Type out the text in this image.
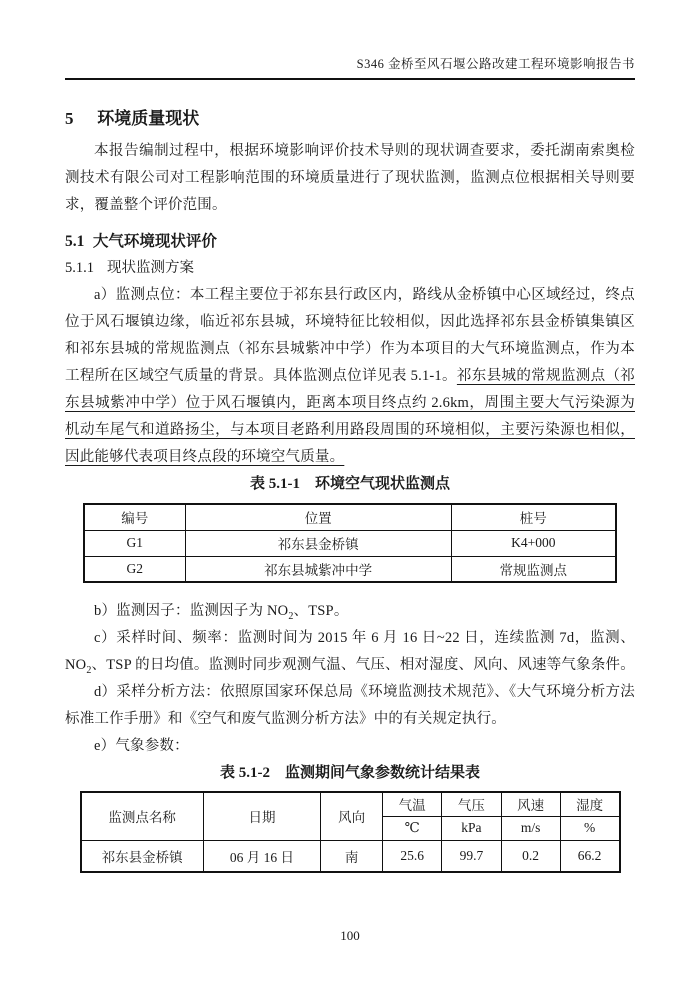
S346 金桥至风石堰公路改建工程环境影响报告书
5 环境质量现状

本报告编制过程中，根据环境影响评价技术导则的现状调查要求，委托湖南索奥检测技术有限公司对工程影响范围的环境质量进行了现状监测，监测点位根据相关导则要求，覆盖整个评价范围。

5.1 大气环境现状评价
5.1.1 现状监测方案

a）监测点位：本工程主要位于祁东县行政区内，路线从金桥镇中心区域经过，终点位于风石堰镇边缘，临近祁东县城，环境特征比较相似，因此选择祁东县金桥镇集镇区和祁东县城的常规监测点（祁东县城紫冲中学）作为本项目的大气环境监测点，作为本工程所在区域空气质量的背景。具体监测点位详见表 5.1-1。祁东县城的常规监测点（祁东县城紫冲中学）位于风石堰镇内，距离本项目终点约 2.6km，周围主要大气污染源为机动车尾气和道路扬尘，与本项目老路利用路段周围的环境相似，主要污染源也相似，因此能够代表项目终点段的环境空气质量。

表 5.1-1　环境空气现状监测点

编号	位置	桩号
G1	祁东县金桥镇	K4+000
G2	祁东县城紫冲中学	常规监测点

b）监测因子：监测因子为 $NO_2$、TSP。

c）采样时间、频率：监测时间为 2015 年 6 月 16 日~22 日，连续监测 7d，监测、$NO_2$、TSP 的日均值。监测时同步观测气温、气压、相对湿度、风向、风速等气象条件。

d）采样分析方法：依照原国家环保总局《环境监测技术规范》、《大气环境分析方法标准工作手册》和《空气和废气监测分析方法》中的有关规定执行。

e）气象参数：

表 5.1-2　监测期间气象参数统计结果表

监测点名称	日期	风向	气温	气压	风速	湿度
			℃	kPa	m/s	%
祁东县金桥镇	06 月 16 日	南	25.6	99.7	0.2	66.2
100
